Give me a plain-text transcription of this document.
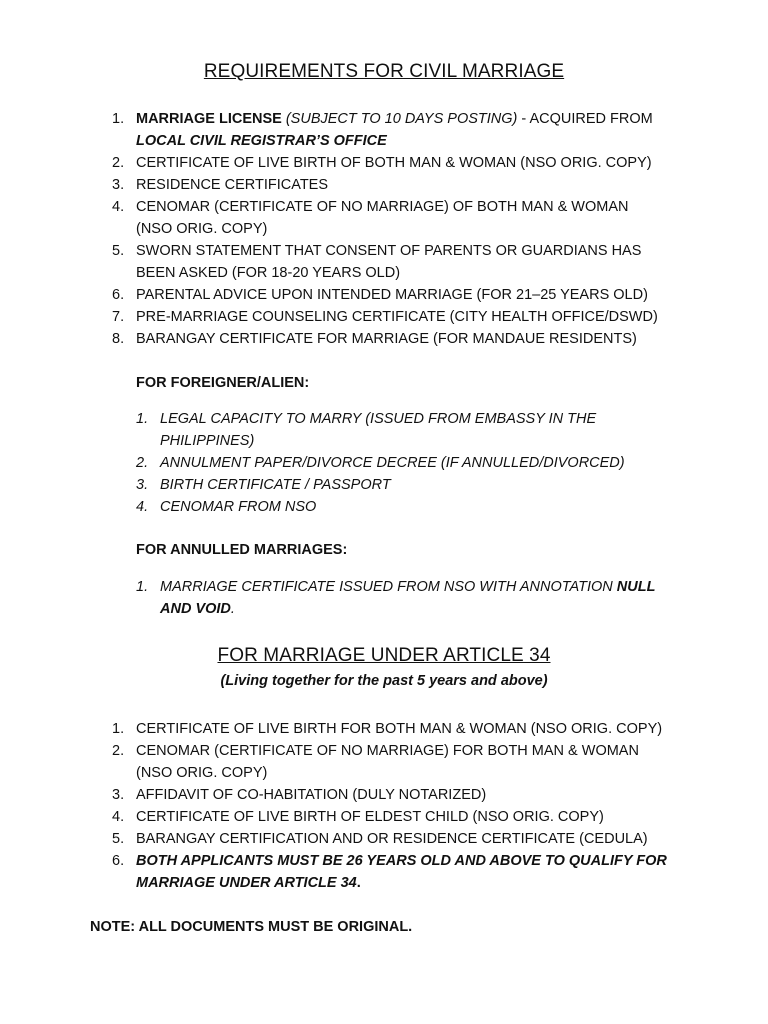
REQUIREMENTS FOR CIVIL MARRIAGE
1. MARRIAGE LICENSE (SUBJECT TO 10 DAYS POSTING) - ACQUIRED FROM
LOCAL CIVIL REGISTRAR’S OFFICE
2. CERTIFICATE OF LIVE BIRTH OF BOTH MAN & WOMAN (NSO ORIG. COPY)
3. RESIDENCE CERTIFICATES
4. CENOMAR (CERTIFICATE OF NO MARRIAGE) OF BOTH MAN & WOMAN
(NSO ORIG. COPY)
5. SWORN STATEMENT THAT CONSENT OF PARENTS OR GUARDIANS HAS
BEEN ASKED (FOR 18-20 YEARS OLD)
6. PARENTAL ADVICE UPON INTENDED MARRIAGE (FOR 21–25 YEARS OLD)
7. PRE-MARRIAGE COUNSELING CERTIFICATE (CITY HEALTH OFFICE/DSWD)
8. BARANGAY CERTIFICATE FOR MARRIAGE (FOR MANDAUE RESIDENTS)
FOR FOREIGNER/ALIEN:
1. LEGAL CAPACITY TO MARRY (ISSUED FROM EMBASSY IN THE
PHILIPPINES)
2. ANNULMENT PAPER/DIVORCE DECREE (IF ANNULLED/DIVORCED)
3. BIRTH CERTIFICATE / PASSPORT
4. CENOMAR FROM NSO
FOR ANNULLED MARRIAGES:
1. MARRIAGE CERTIFICATE ISSUED FROM NSO WITH ANNOTATION NULL
AND VOID.
FOR MARRIAGE UNDER ARTICLE 34
(Living together for the past 5 years and above)
1. CERTIFICATE OF LIVE BIRTH FOR BOTH MAN & WOMAN (NSO ORIG. COPY)
2. CENOMAR (CERTIFICATE OF NO MARRIAGE) FOR BOTH MAN & WOMAN
(NSO ORIG. COPY)
3. AFFIDAVIT OF CO-HABITATION (DULY NOTARIZED)
4. CERTIFICATE OF LIVE BIRTH OF ELDEST CHILD (NSO ORIG. COPY)
5. BARANGAY CERTIFICATION AND OR RESIDENCE CERTIFICATE (CEDULA)
6. BOTH APPLICANTS MUST BE 26 YEARS OLD AND ABOVE TO QUALIFY FOR
MARRIAGE UNDER ARTICLE 34.
NOTE: ALL DOCUMENTS MUST BE ORIGINAL.
